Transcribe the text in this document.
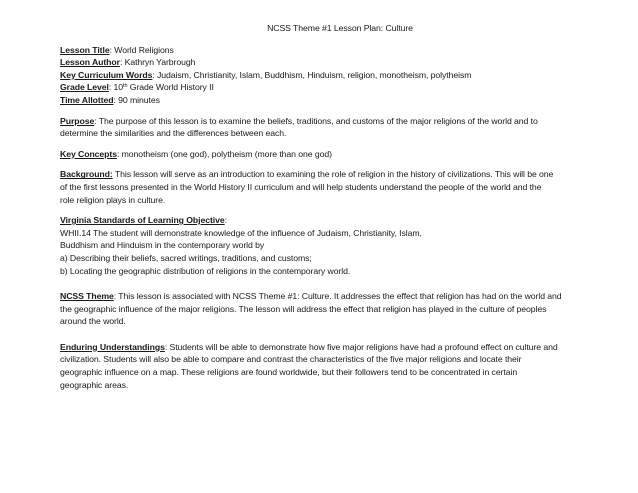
NCSS Theme #1 Lesson Plan: Culture
Lesson Title: World Religions
Lesson Author: Kathryn Yarbrough
Key Curriculum Words: Judaism, Christianity, Islam, Buddhism, Hinduism, religion, monotheism, polytheism
Grade Level: 10th Grade World History II
Time Allotted: 90 minutes
Purpose: The purpose of this lesson is to examine the beliefs, traditions, and customs of the major religions of the world and to
determine the similarities and the differences between each.
Key Concepts: monotheism (one god), polytheism (more than one god)
Background: This lesson will serve as an introduction to examining the role of religion in the history of civilizations. This will be one
of the first lessons presented in the World History II curriculum and will help students understand the people of the world and the
role religion plays in culture.
Virginia Standards of Learning Objective:
WHII.14 The student will demonstrate knowledge of the influence of Judaism, Christianity, Islam,
Buddhism and Hinduism in the contemporary world by
a) Describing their beliefs, sacred writings, traditions, and customs;
b) Locating the geographic distribution of religions in the contemporary world.
NCSS Theme: This lesson is associated with NCSS Theme #1: Culture. It addresses the effect that religion has had on the world and
the geographic influence of the major religions. The lesson will address the effect that religion has played in the culture of peoples
around the world.
Enduring Understandings: Students will be able to demonstrate how five major religions have had a profound effect on culture and
civilization. Students will also be able to compare and contrast the characteristics of the five major religions and locate their
geographic influence on a map. These religions are found worldwide, but their followers tend to be concentrated in certain
geographic areas.
